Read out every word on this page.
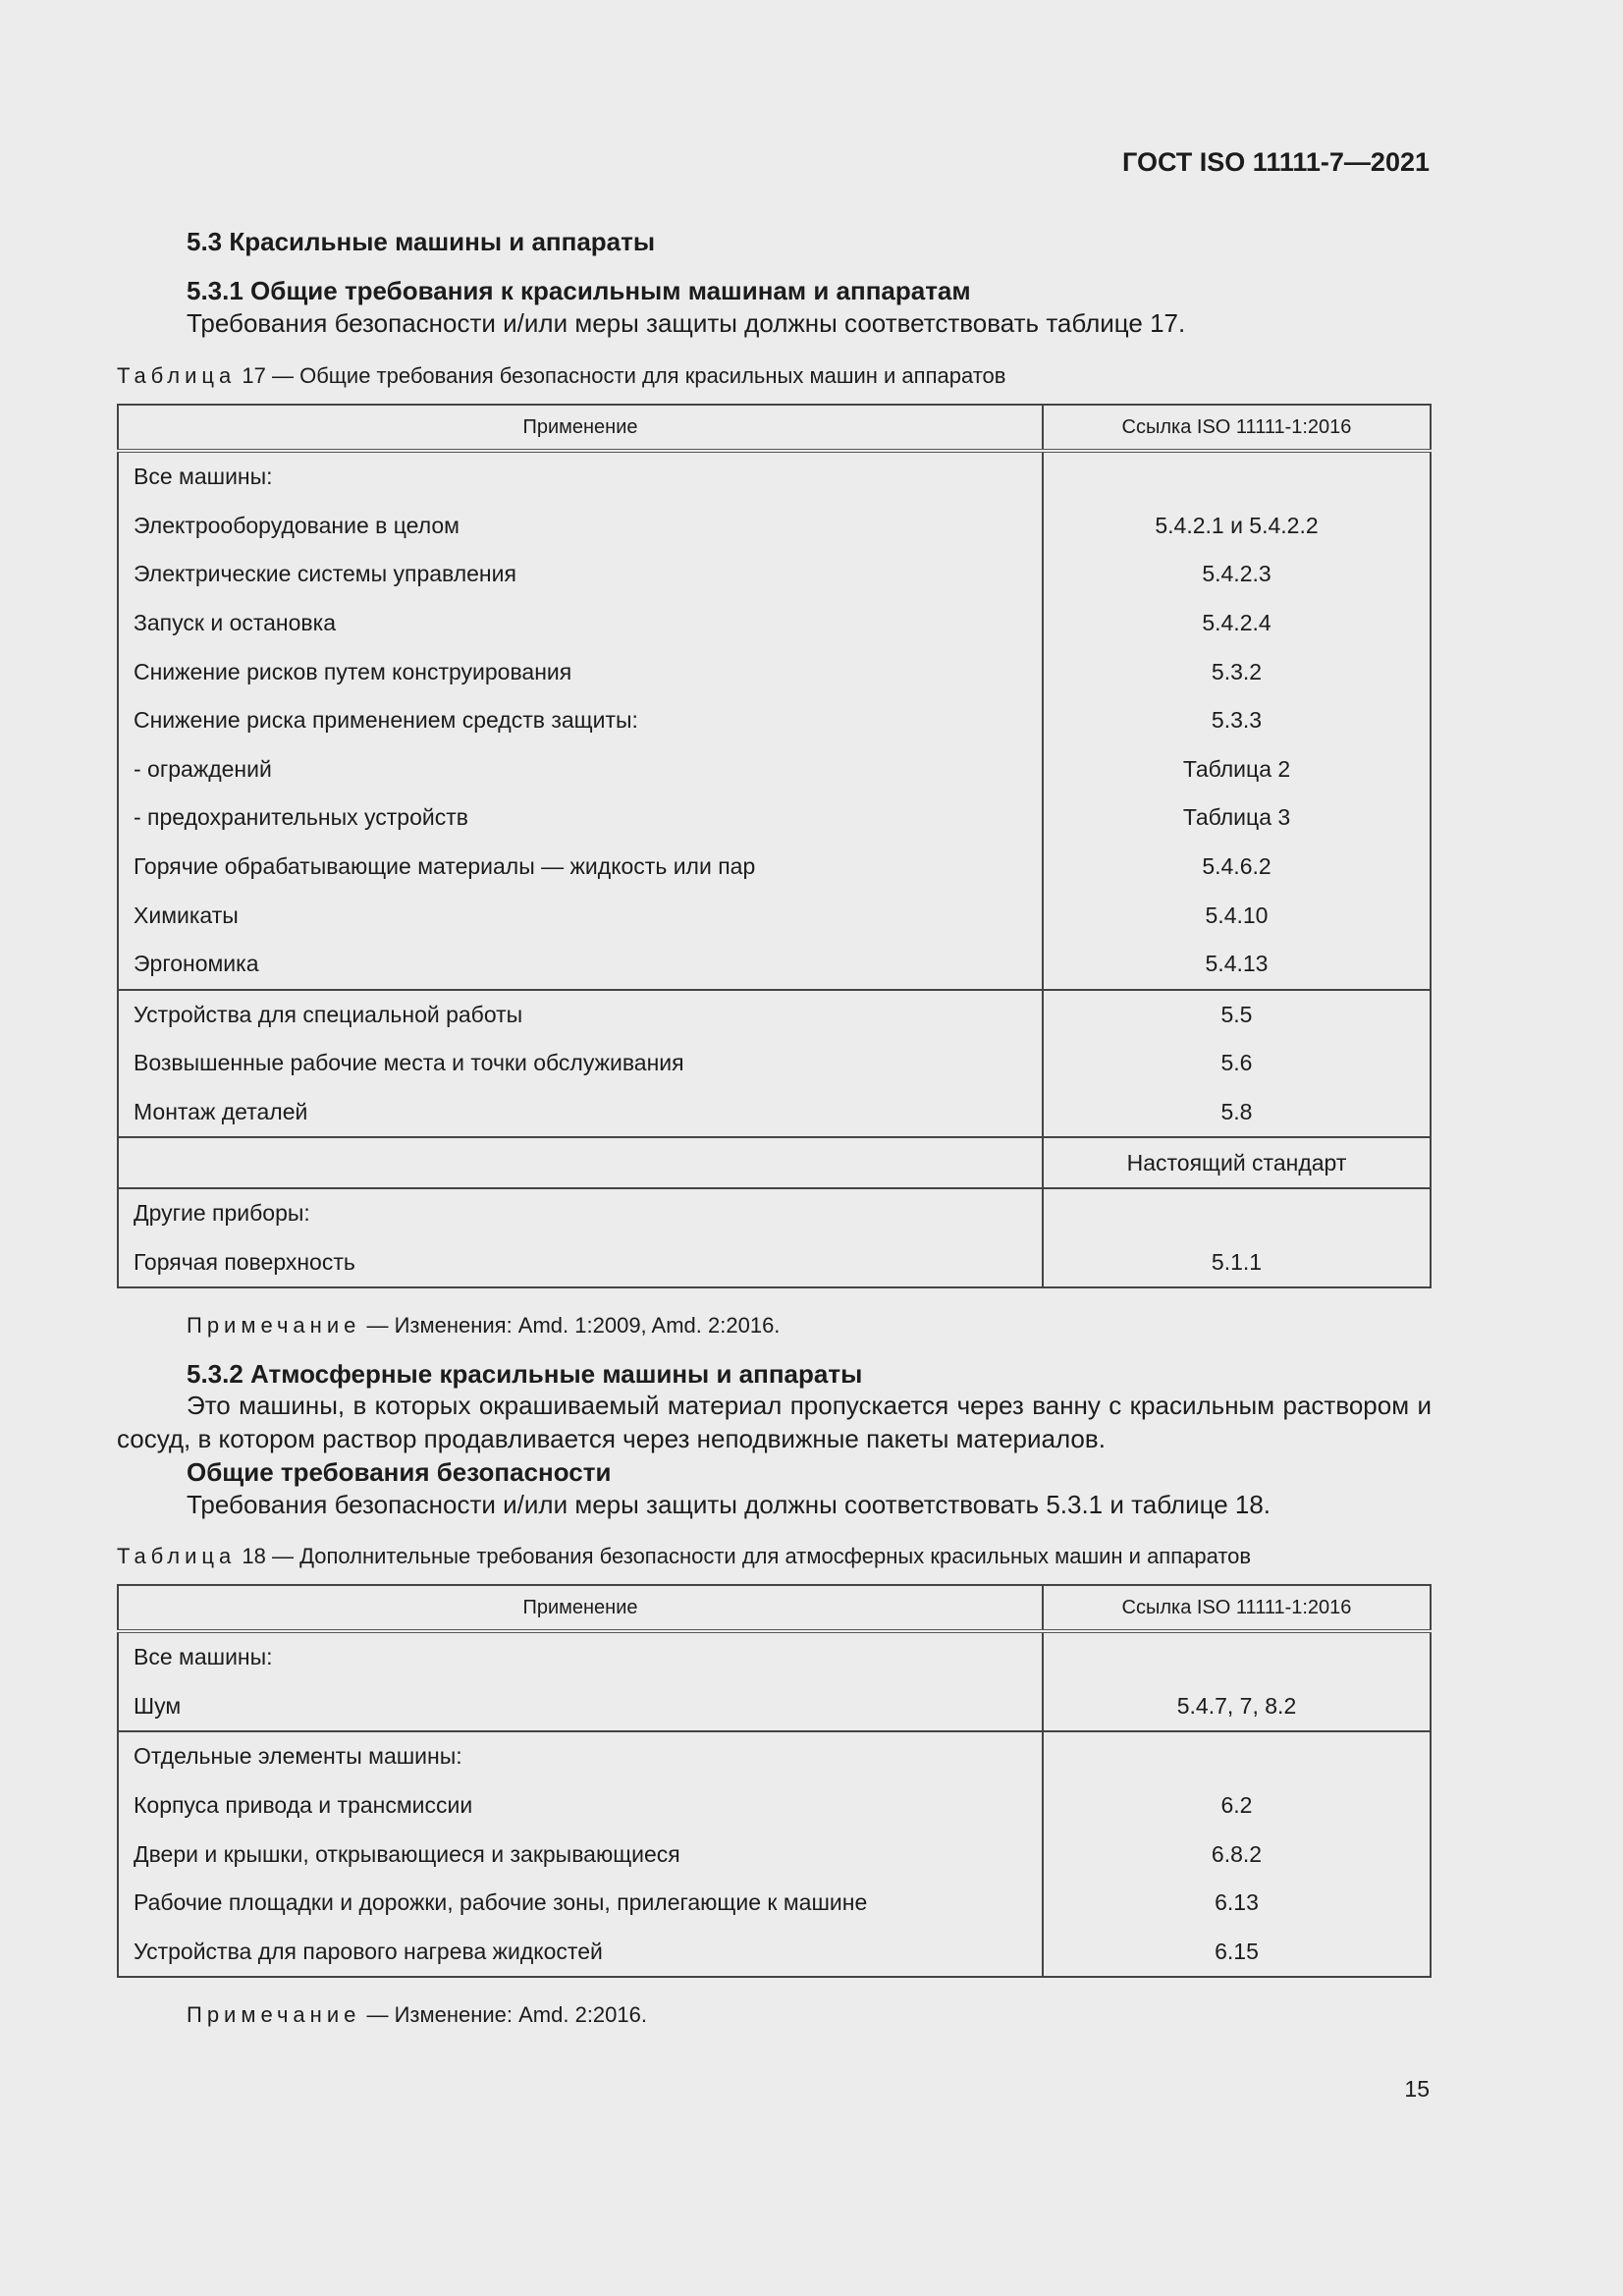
ГОСТ ISO 11111-7—2021
5.3 Красильные машины и аппараты
5.3.1 Общие требования к красильным машинам и аппаратам
Требования безопасности и/или меры защиты должны соответствовать таблице 17.
Таблица 17 — Общие требования безопасности для красильных машин и аппаратов
Применение	Ссылка ISO 11111-1:2016
Все машины:	
Электрооборудование в целом	5.4.2.1 и 5.4.2.2
Электрические системы управления	5.4.2.3
Запуск и остановка	5.4.2.4
Снижение рисков путем конструирования	5.3.2
Снижение риска применением средств защиты:	5.3.3
- ограждений	Таблица 2
- предохранительных устройств	Таблица 3
Горячие обрабатывающие материалы — жидкость или пар	5.4.6.2
Химикаты	5.4.10
Эргономика	5.4.13
Устройства для специальной работы	5.5
Возвышенные рабочие места и точки обслуживания	5.6
Монтаж деталей	5.8
	Настоящий стандарт
Другие приборы:	
Горячая поверхность	5.1.1
Примечание — Изменения: Amd. 1:2009, Amd. 2:2016.
5.3.2 Атмосферные красильные машины и аппараты
Это машины, в которых окрашиваемый материал пропускается через ванну с красильным раствором и сосуд, в котором раствор продавливается через неподвижные пакеты материалов.
Общие требования безопасности
Требования безопасности и/или меры защиты должны соответствовать 5.3.1 и таблице 18.
Таблица 18 — Дополнительные требования безопасности для атмосферных красильных машин и аппаратов
Применение	Ссылка ISO 11111-1:2016
Все машины:	
Шум	5.4.7, 7, 8.2
Отдельные элементы машины:	
Корпуса привода и трансмиссии	6.2
Двери и крышки, открывающиеся и закрывающиеся	6.8.2
Рабочие площадки и дорожки, рабочие зоны, прилегающие к машине	6.13
Устройства для парового нагрева жидкостей	6.15
Примечание — Изменение: Amd. 2:2016.
15
